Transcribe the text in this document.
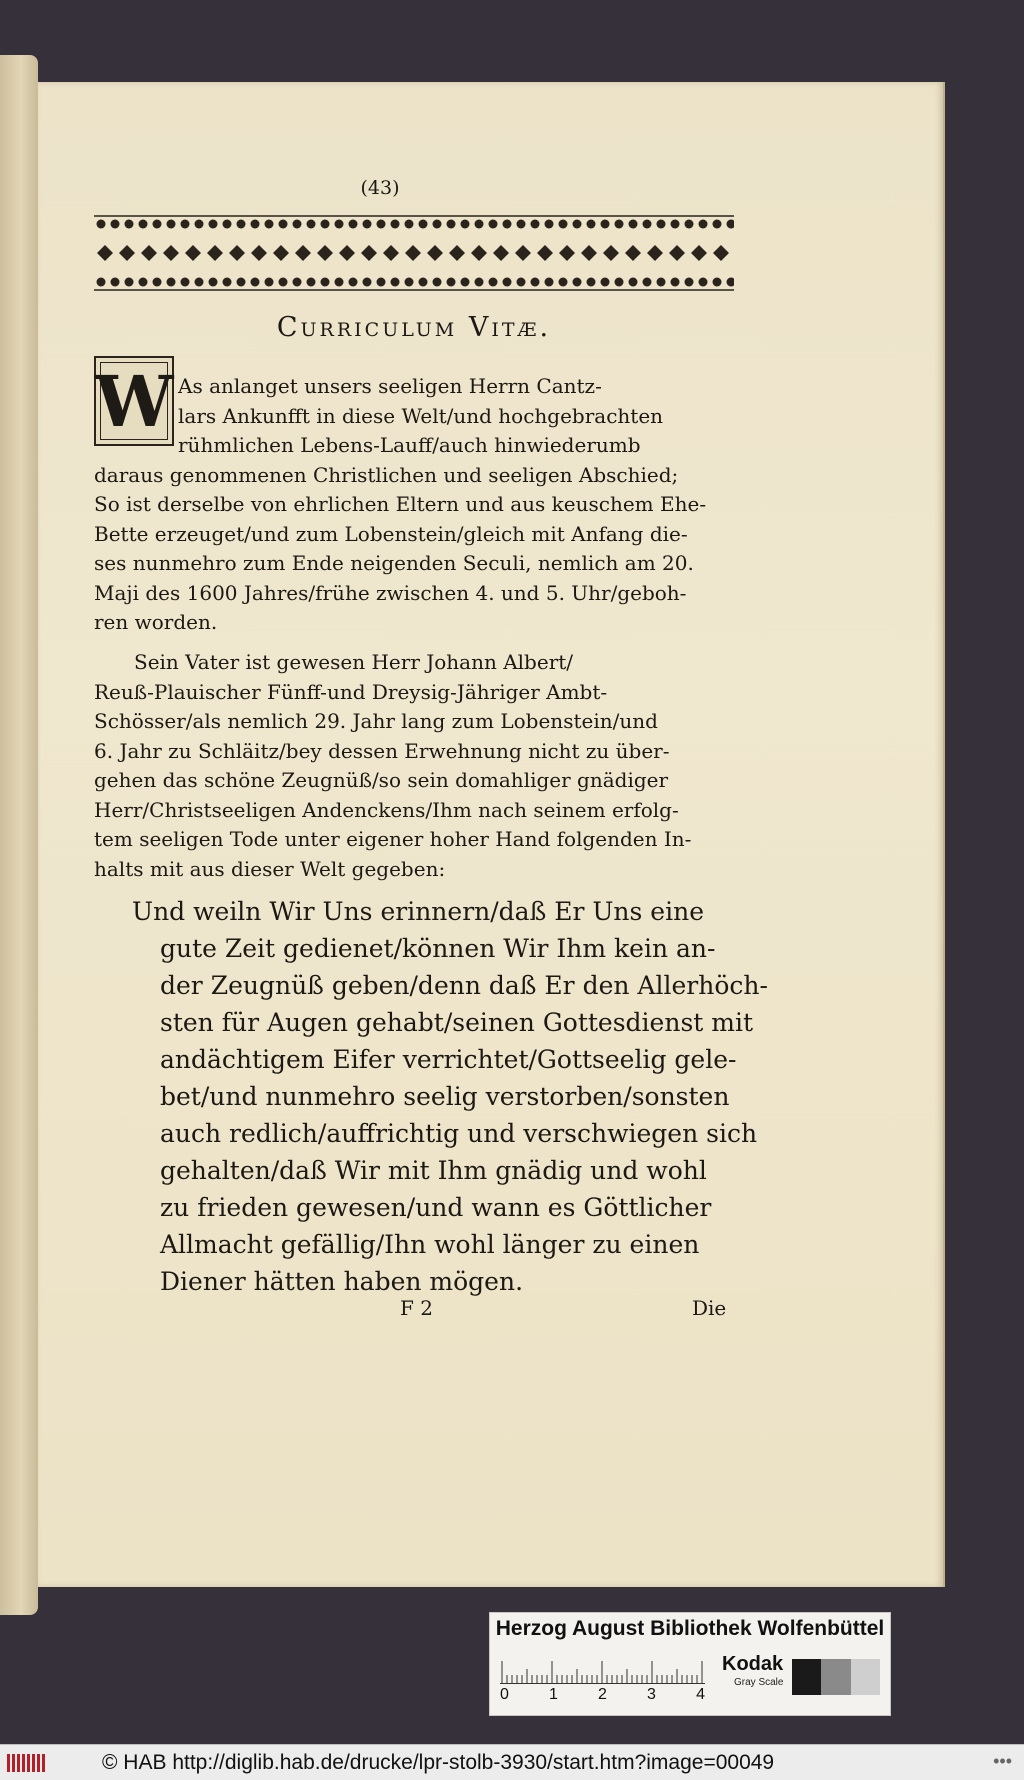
(43)
Curriculum Vitæ.
W As anlanget unsers seeligen Herrn Cantz-
lars Ankunfft in diese Welt/und hochgebrachten
rühmlichen Lebens-Lauff/auch hinwiederumb
daraus genommenen Christlichen und seeligen Abschied;
So ist derselbe von ehrlichen Eltern und aus keuschem Ehe-
Bette erzeuget/und zum Lobenstein/gleich mit Anfang die-
ses nunmehro zum Ende neigenden Seculi, nemlich am 20.
Maji des 1600 Jahres/frühe zwischen 4. und 5. Uhr/geboh-
ren worden.
Sein Vater ist gewesen Herr Johann Albert/
Reuß-Plauischer Fünff-und Dreysig-Jähriger Ambt-
Schösser/als nemlich 29. Jahr lang zum Lobenstein/und
6. Jahr zu Schläitz/bey dessen Erwehnung nicht zu über-
gehen das schöne Zeugnüß/so sein domahliger gnädiger
Herr/Christseeligen Andenckens/Ihm nach seinem erfolg-
tem seeligen Tode unter eigener hoher Hand folgenden In-
halts mit aus dieser Welt gegeben:
Und weiln Wir Uns erinnern/daß Er Uns eine
gute Zeit gedienet/können Wir Ihm kein an-
der Zeugnüß geben/denn daß Er den Allerhöch-
sten für Augen gehabt/seinen Gottesdienst mit
andächtigem Eifer verrichtet/Gottseelig gele-
bet/und nunmehro seelig verstorben/sonsten
auch redlich/auffrichtig und verschwiegen sich
gehalten/daß Wir mit Ihm gnädig und wohl
zu frieden gewesen/und wann es Göttlicher
Allmacht gefällig/Ihn wohl länger zu einen
Diener hätten haben mögen.
F 2	Die
Herzog August Bibliothek Wolfenbüttel
0	1	2	3	4
Kodak
Gray Scale
© HAB http://diglib.hab.de/drucke/lpr-stolb-3930/start.htm?image=00049	•••
